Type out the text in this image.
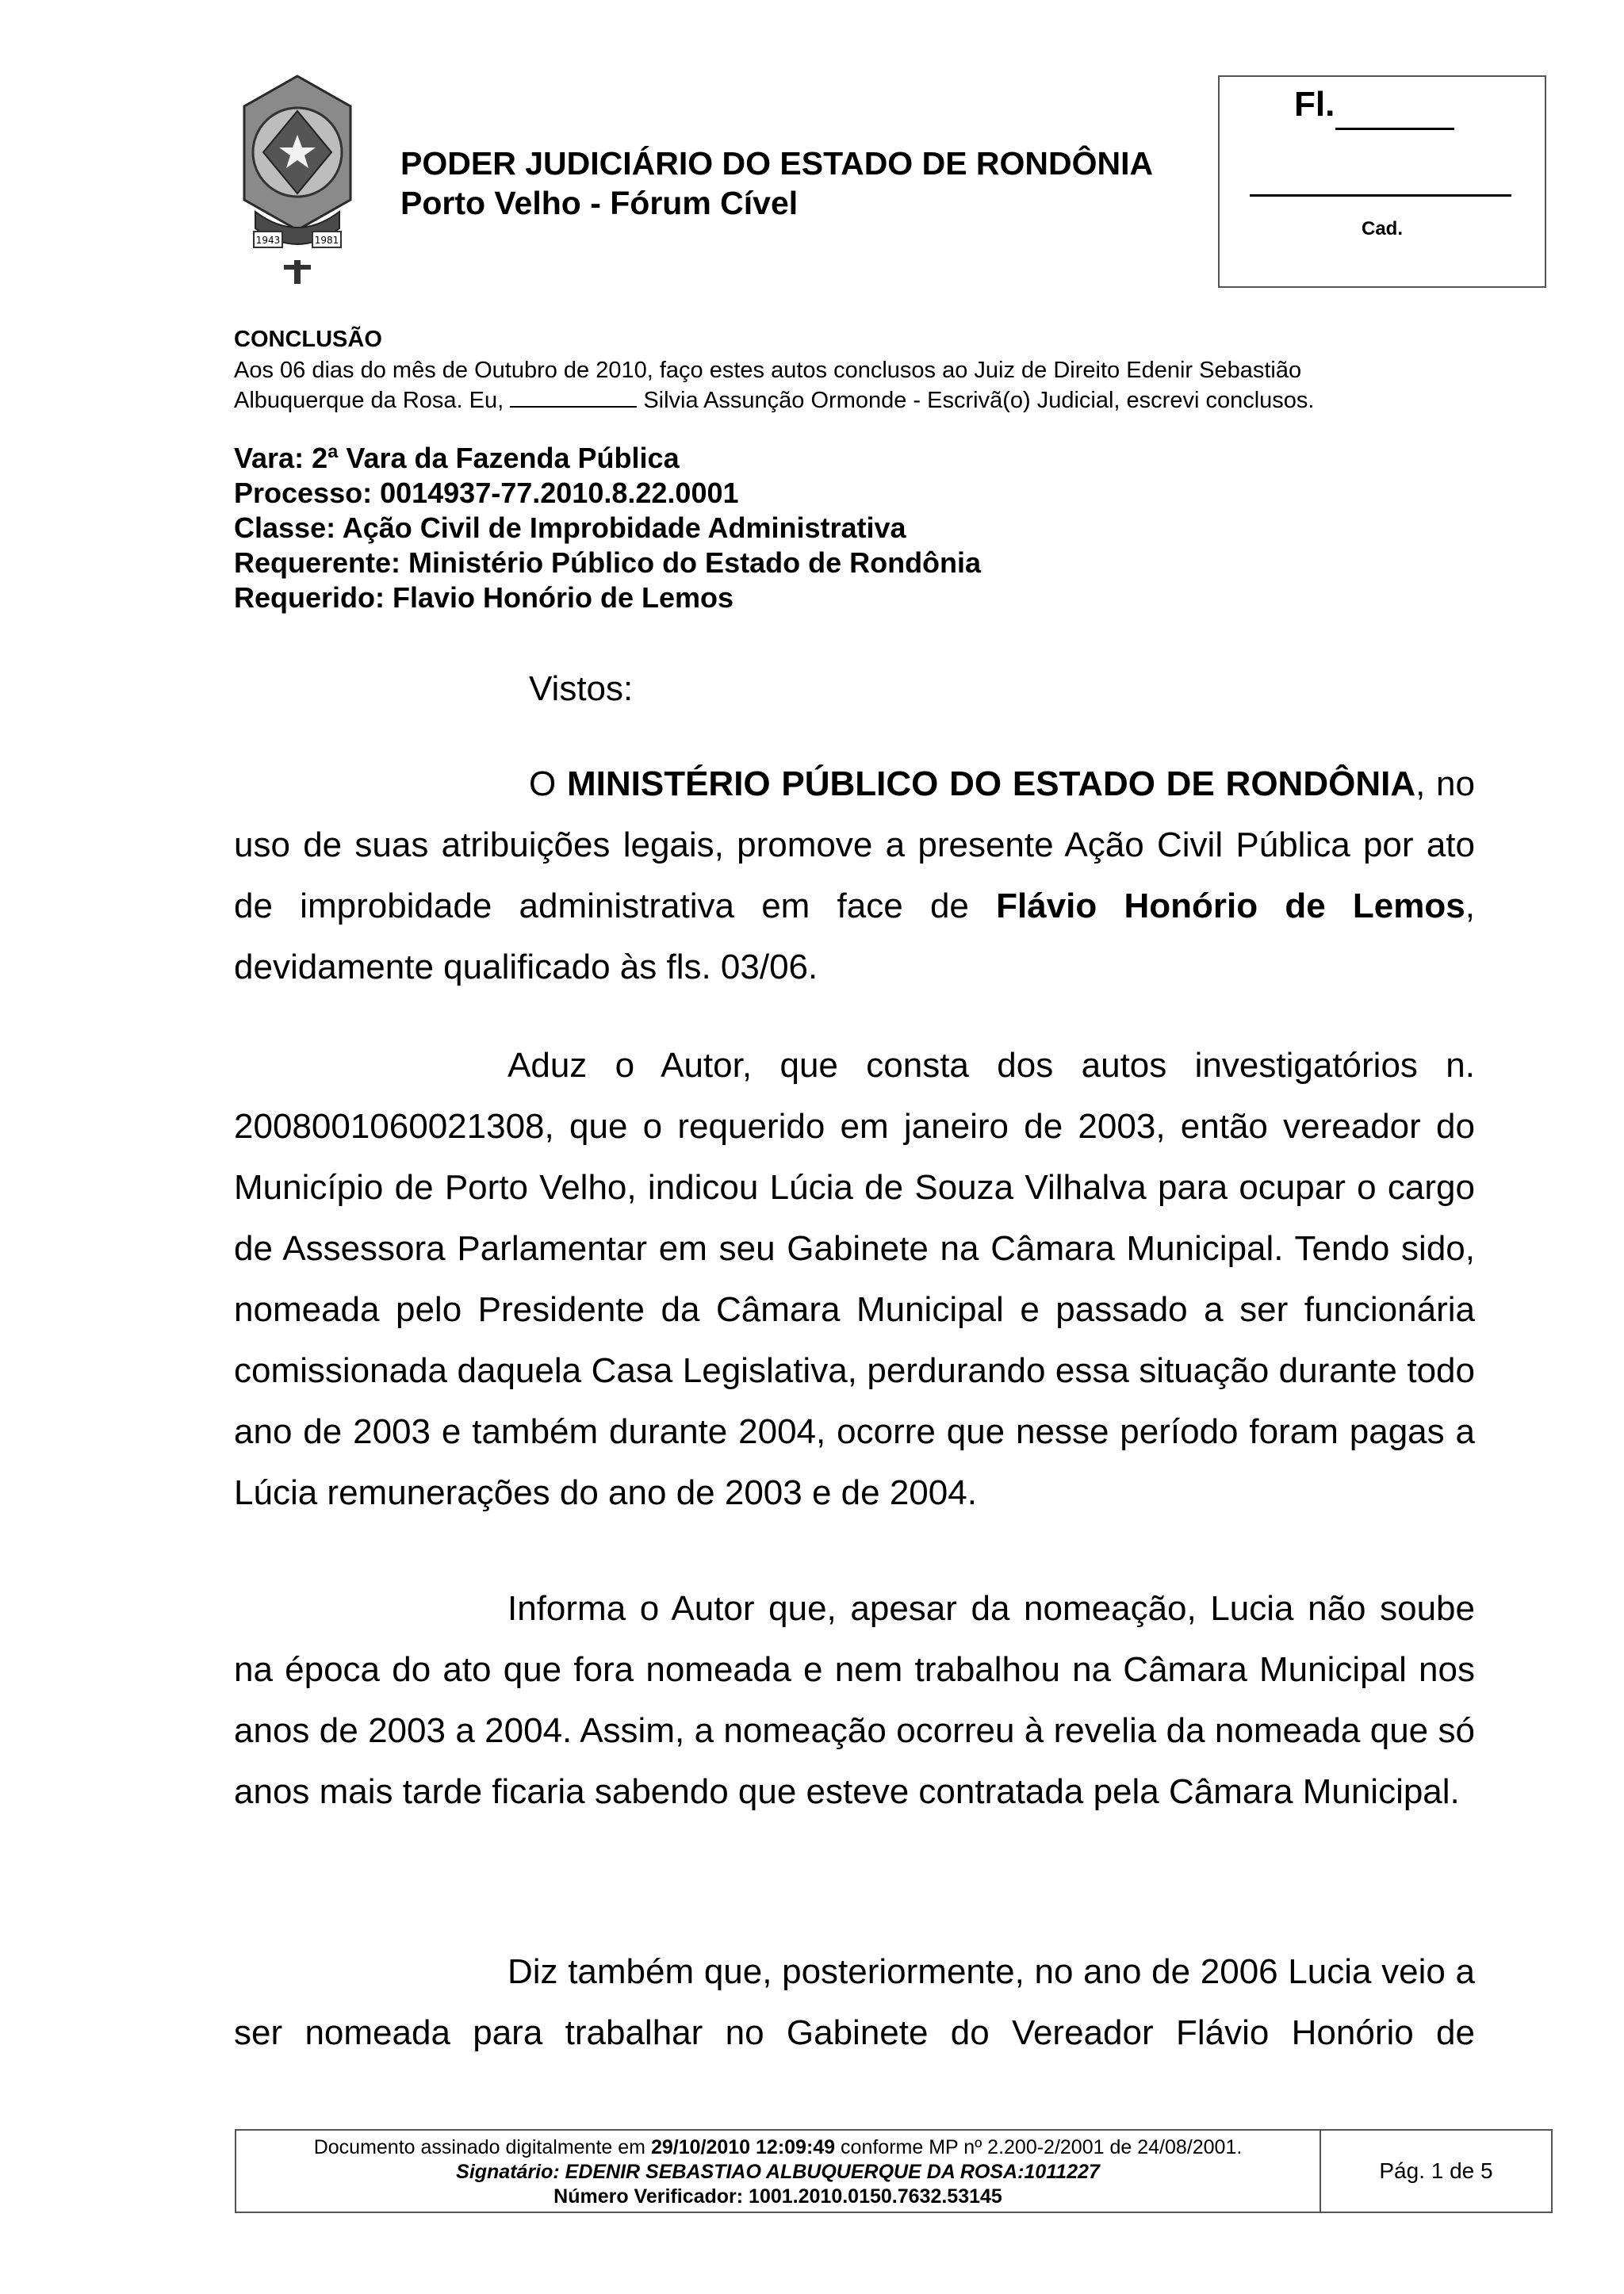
1943	1981
RONDÔNIA
PODER JUDICIÁRIO DO ESTADO DE RONDÔNIA
Porto Velho - Fórum Cível
Fl.
Cad.
CONCLUSÃO
Aos 06 dias do mês de Outubro de 2010, faço estes autos conclusos ao Juiz de Direito Edenir Sebastião
Albuquerque da Rosa. Eu,	Silvia Assunção Ormonde - Escrivã(o) Judicial, escrevi conclusos.
Vara: 2ª Vara da Fazenda Pública
Processo: 0014937-77.2010.8.22.0001
Classe: Ação Civil de Improbidade Administrativa
Requerente: Ministério Público do Estado de Rondônia
Requerido: Flavio Honório de Lemos
Vistos:

O MINISTÉRIO PÚBLICO DO ESTADO DE RONDÔNIA, no uso de suas atribuições legais, promove a presente Ação Civil Pública por ato de improbidade administrativa em face de Flávio Honório de Lemos, devidamente qualificado às fls. 03/06.

Aduz o Autor, que consta dos autos investigatórios n. 2008001060021308, que o requerido em janeiro de 2003, então vereador do Município de Porto Velho, indicou Lúcia de Souza Vilhalva para ocupar o cargo de Assessora Parlamentar em seu Gabinete na Câmara Municipal. Tendo sido, nomeada pelo Presidente da Câmara Municipal e passado a ser funcionária comissionada daquela Casa Legislativa, perdurando essa situação durante todo ano de 2003 e também durante 2004, ocorre que nesse período foram pagas a Lúcia remunerações do ano de 2003 e de 2004.

Informa o Autor que, apesar da nomeação, Lucia não soube na época do ato que fora nomeada e nem trabalhou na Câmara Municipal nos anos de 2003 a 2004. Assim, a nomeação ocorreu à revelia da nomeada que só anos mais tarde ficaria sabendo que esteve contratada pela Câmara Municipal.

Diz também que, posteriormente, no ano de 2006 Lucia veio a ser nomeada para trabalhar no Gabinete do Vereador Flávio Honório de

Documento assinado digitalmente em 29/10/2010 12:09:49 conforme MP nº 2.200-2/2001 de 24/08/2001.
Signatário: EDENIR SEBASTIAO ALBUQUERQUE DA ROSA:1011227
Número Verificador: 1001.2010.0150.7632.53145
Pág. 1 de 5
